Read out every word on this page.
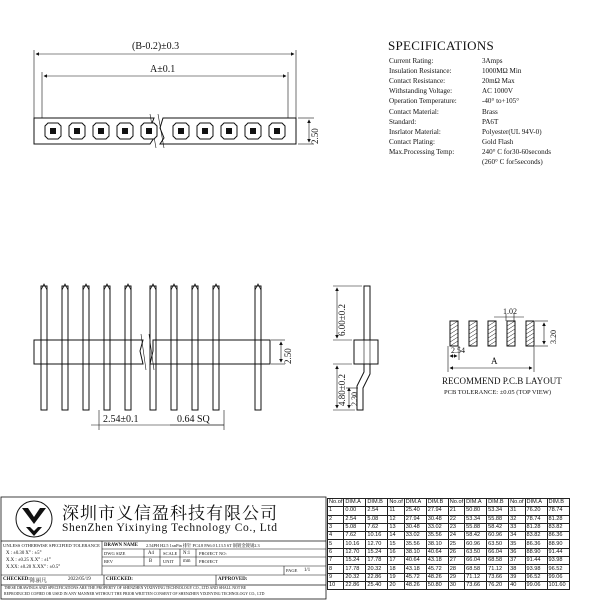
(B-0.2)±0.3
A±0.1
2.50
2.50
2.54±0.1	0.64 SQ
6.00±0.2
4.80±0.2 2.30
1.02
3.20
2.54
A
RECOMMEND P.C.B LAYOUT
PCB TOLERANCE: ±0.05 (TOP VIEW)
SPECIFICATIONS
Current Rating:	3Amps
Insulation Resistance:	1000MΩ Min
Contact Resistance:	20mΩ Max
Withstanding Voltage:	AC 1000V
Operation Temperature:	-40° to+105°
Contact Material:	Brass
Standard:	PA6T
Insrlator Material:	Polyester(UL 94V-0)
Contact Plating:	Gold Flash
Max.Processing Temp:	240° C for30-60seconds
(260° C for5seconds)
深圳市义信盈科技有限公司
ShenZhen Yixinying Technology Co., Ltd
UNLESS OTHERWISE SPECIFIED TOLERANCE
X : ±0.30 X° : ±5°
X.X : ±0.25 X.X° : ±1°
X.XX: ±0.20 X.XX° : ±0.5°
DRAWN NAME 2.54PH H2.5 1xnPin 排针 PC4.8 PA6.0 L13.5 6T 铜镀金镀锡2.3
DWG SIZE	A4 SCALE N:1 PROJECT NO:
REV	B UNIT mm PROJECT
PAGE 1/1
CHECKED: 陈丽凡	2022/05/19	CHECKED:	APPROVED:
THESE DRAWINGS AND SPECIFICATIONS ARE THE PROPERTY OF SHENZHEN YIXINYING TECHNOLOGY CO., LTD AND SHALL NOT BE
REPRODUCED COPIED OR USED IN ANY MANNER WITHOUT THE PRIOR WRITTEN CONSENT OF SHENZHEN YIXINYING TECHNOLOGY CO., LTD
No.of	DIM.A	DIM.B	No.of	DIM.A	DIM.B	No.of	DIM.A	DIM.B	No.of	DIM.A	DIM.B
1	0.00	2.54	11	25.40	27.94	21	50.80	53.34	31	76.20	78.74
2	2.54	5.08	12	27.94	30.48	22	53.34	55.88	32	78.74	81.28
3	5.08	7.62	13	30.48	33.02	23	55.88	58.42	33	81.28	83.82
4	7.62	10.16	14	33.02	35.56	24	58.42	60.96	34	83.82	86.36
5	10.16	12.70	15	35.56	38.10	25	60.96	63.50	35	86.36	88.90
6	12.70	15.24	16	38.10	40.64	26	63.50	66.04	36	88.90	91.44
7	15.24	17.78	17	40.64	43.18	27	66.04	68.58	37	91.44	93.98
8	17.78	20.32	18	43.18	45.72	28	68.58	71.12	38	93.98	96.52
9	20.32	22.86	19	45.72	48.26	29	71.12	73.66	39	96.52	99.06
10	22.86	25.40	20	48.26	50.80	30	73.66	76.20	40	99.06	101.60
